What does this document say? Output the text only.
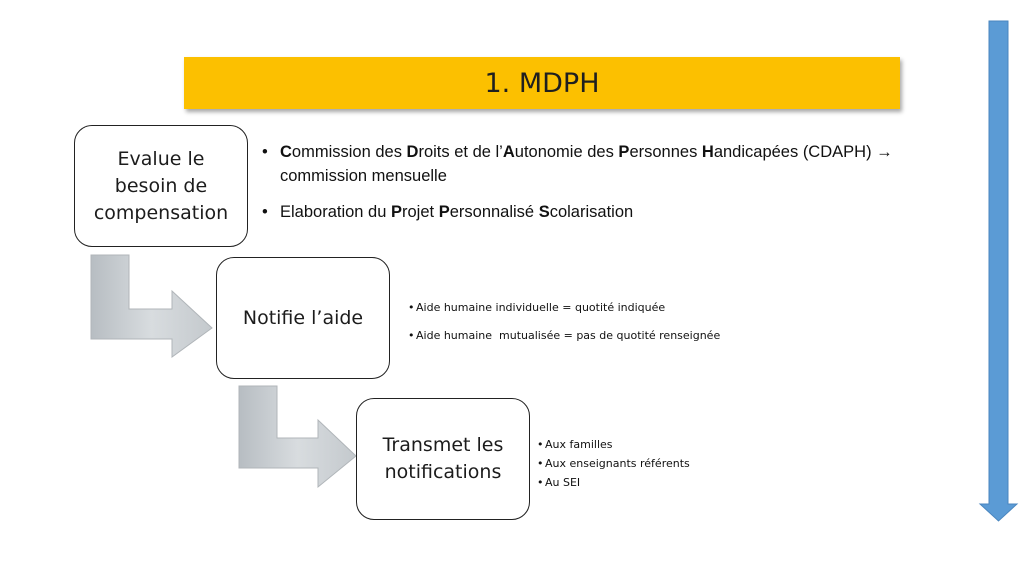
1. MDPH
Evalue le
besoin de
compensation
Notifie l’aide
Transmet les
notifications
• Commission des Droits et de l’Autonomie des Personnes Handicapées (CDAPH) → commission mensuelle
• Elaboration du Projet Personnalisé Scolarisation
• Aide humaine individuelle = quotité indiquée
• Aide humaine  mutualisée = pas de quotité renseignée
• Aux familles
• Aux enseignants référents
• Au SEI
